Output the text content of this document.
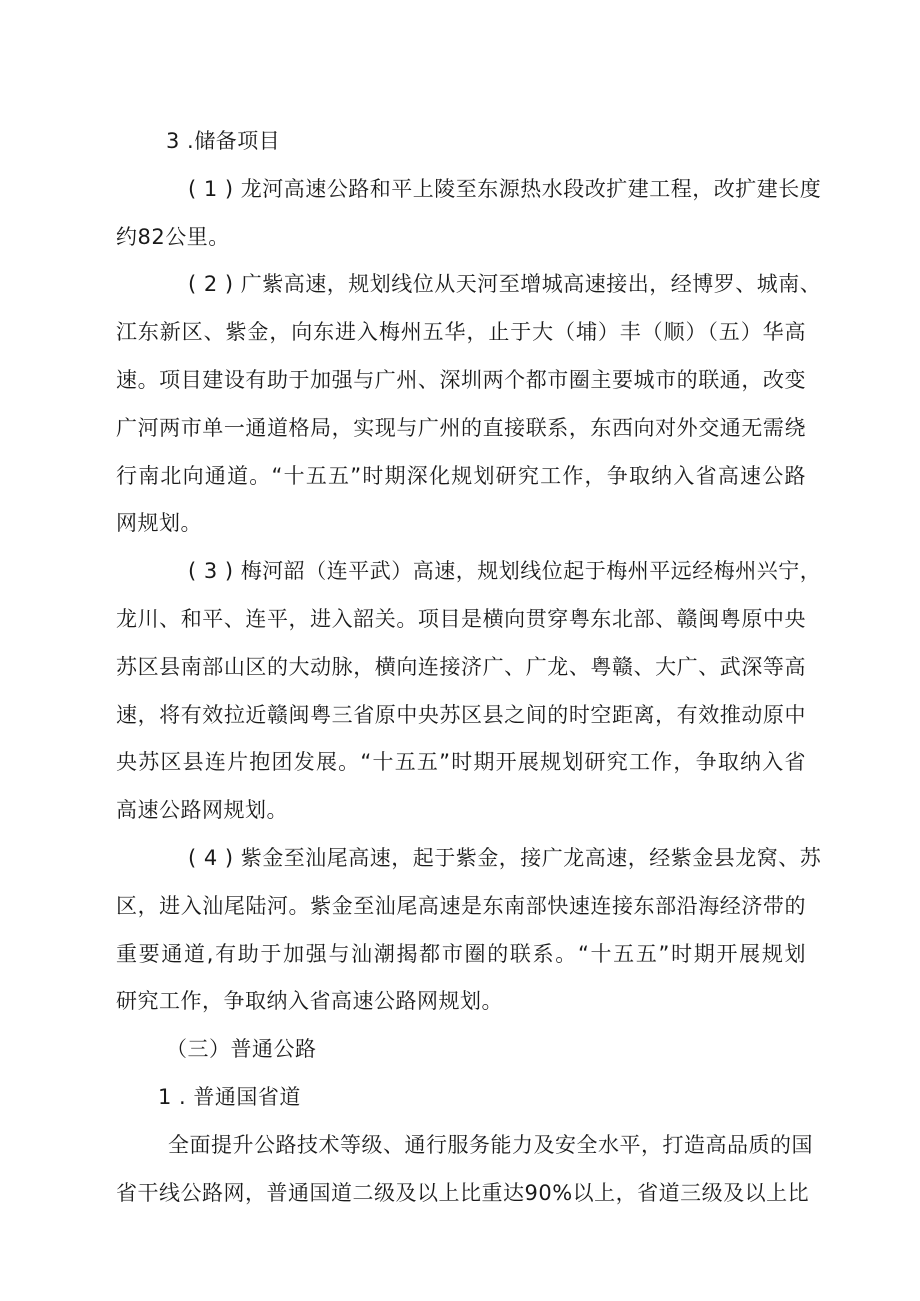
3 .储备项目
( 1 ) 龙河高速公路和平上陵至东源热水段改扩建工程，改扩建长度
约82公里。
( 2 ) 广紫高速，规划线位从天河至增城高速接出，经博罗、城南、
江东新区、紫金，向东进入梅州五华，止于大（埔）丰（顺）（五）华高
速。项目建设有助于加强与广州、深圳两个都市圈主要城市的联通，改变
广河两市单一通道格局，实现与广州的直接联系，东西向对外交通无需绕
行南北向通道。“十五五”时期深化规划研究工作，争取纳入省高速公路
网规划。
( 3 ) 梅河韶（连平武）高速，规划线位起于梅州平远经梅州兴宁，
龙川、和平、连平，进入韶关。项目是横向贯穿粤东北部、赣闽粤原中央
苏区县南部山区的大动脉，横向连接济广、广龙、粤赣、大广、武深等高
速，将有效拉近赣闽粤三省原中央苏区县之间的时空距离，有效推动原中
央苏区县连片抱团发展。“十五五”时期开展规划研究工作，争取纳入省
高速公路网规划。
( 4 ) 紫金至汕尾高速，起于紫金，接广龙高速，经紫金县龙窝、苏
区，进入汕尾陆河。紫金至汕尾高速是东南部快速连接东部沿海经济带的
重要通道,有助于加强与汕潮揭都市圈的联系。“十五五”时期开展规划
研究工作，争取纳入省高速公路网规划。
（三）普通公路
1 . 普通国省道
全面提升公路技术等级、通行服务能力及安全水平，打造高品质的国
省干线公路网，普通国道二级及以上比重达90%以上，省道三级及以上比
